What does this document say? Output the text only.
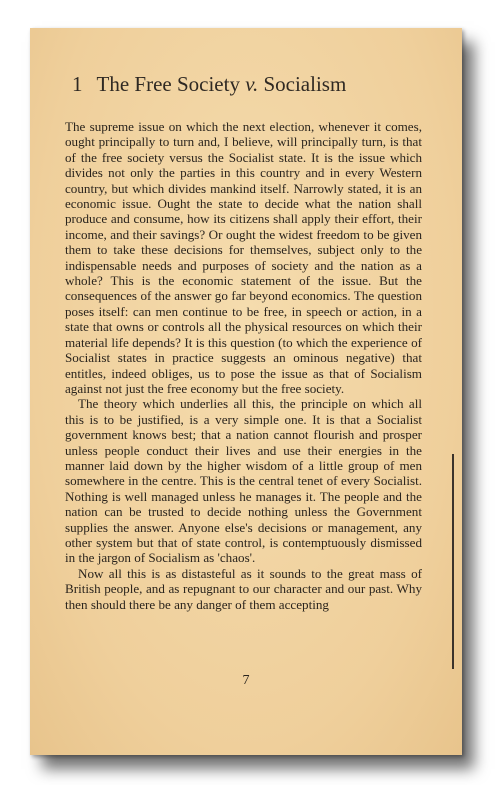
1 The Free Society v. Socialism

The supreme issue on which the next election, whenever it comes, ought principally to turn and, I believe, will principally turn, is that of the free society versus the Socialist state. It is the issue which divides not only the parties in this country and in every Western country, but which divides mankind itself. Narrowly stated, it is an economic issue. Ought the state to decide what the nation shall produce and consume, how its citizens shall apply their effort, their income, and their savings? Or ought the widest freedom to be given them to take these decisions for themselves, subject only to the indispensable needs and purposes of society and the nation as a whole? This is the economic statement of the issue. But the consequences of the answer go far beyond economics. The question poses itself: can men continue to be free, in speech or action, in a state that owns or controls all the physical resources on which their material life depends? It is this question (to which the experience of Socialist states in practice suggests an ominous negative) that entitles, indeed obliges, us to pose the issue as that of Socialism against not just the free economy but the free society.

The theory which underlies all this, the principle on which all this is to be justified, is a very simple one. It is that a Socialist government knows best; that a nation cannot flourish and prosper unless people conduct their lives and use their energies in the manner laid down by the higher wisdom of a little group of men somewhere in the centre. This is the central tenet of every Socialist. Nothing is well managed unless he manages it. The people and the nation can be trusted to decide nothing unless the Government supplies the answer. Anyone else's decisions or management, any other system but that of state control, is contemptuously dismissed in the jargon of Socialism as 'chaos'.

Now all this is as distasteful as it sounds to the great mass of British people, and as repugnant to our character and our past. Why then should there be any danger of them accepting

7
